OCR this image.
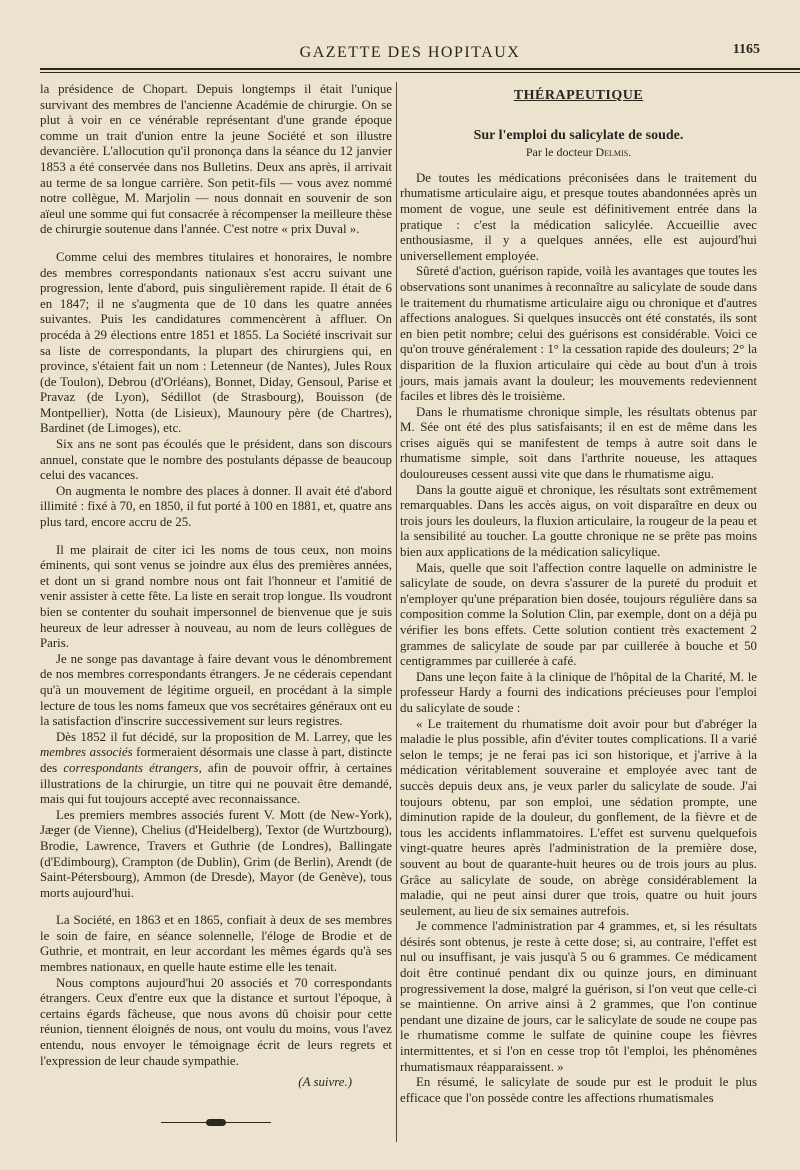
GAZETTE DES HOPITAUX	1165

la présidence de Chopart. Depuis longtemps il était l'unique survivant des membres de l'ancienne Académie de chirurgie. On se plut à voir en ce vénérable représentant d'une grande époque comme un trait d'union entre la jeune Société et son illustre devancière. L'allocution qu'il prononça dans la séance du 12 janvier 1853 a été conservée dans nos Bulletins. Deux ans après, il arrivait au terme de sa longue carrière. Son petit-fils — vous avez nommé notre collègue, M. Marjolin — nous donnait en souvenir de son aïeul une somme qui fut consacrée à récompenser la meilleure thèse de chirurgie soutenue dans l'année. C'est notre « prix Duval ».

Comme celui des membres titulaires et honoraires, le nombre des membres correspondants nationaux s'est accru suivant une progression, lente d'abord, puis singulièrement rapide. Il était de 6 en 1847; il ne s'augmenta que de 10 dans les quatre années suivantes. Puis les candidatures commencèrent à affluer. On procéda à 29 élections entre 1851 et 1855. La Société inscrivait sur sa liste de correspondants, la plupart des chirurgiens qui, en province, s'étaient fait un nom : Letenneur (de Nantes), Jules Roux (de Toulon), Debrou (d'Orléans), Bonnet, Diday, Gensoul, Parise et Pravaz (de Lyon), Sédillot (de Strasbourg), Bouisson (de Montpellier), Notta (de Lisieux), Maunoury père (de Chartres), Bardinet (de Limoges), etc.

Six ans ne sont pas écoulés que le président, dans son discours annuel, constate que le nombre des postulants dépasse de beaucoup celui des vacances.

On augmenta le nombre des places à donner. Il avait été d'abord illimité : fixé à 70, en 1850, il fut porté à 100 en 1881, et, quatre ans plus tard, encore accru de 25.

Il me plairait de citer ici les noms de tous ceux, non moins éminents, qui sont venus se joindre aux élus des premières années, et dont un si grand nombre nous ont fait l'honneur et l'amitié de venir assister à cette fête. La liste en serait trop longue. Ils voudront bien se contenter du souhait impersonnel de bienvenue que je suis heureux de leur adresser à nouveau, au nom de leurs collègues de Paris.

Je ne songe pas davantage à faire devant vous le dénombrement de nos membres correspondants étrangers. Je ne céderais cependant qu'à un mouvement de légitime orgueil, en procédant à la simple lecture de tous les noms fameux que vos secrétaires généraux ont eu la satisfaction d'inscrire successivement sur leurs registres.

Dès 1852 il fut décidé, sur la proposition de M. Larrey, que les membres associés formeraient désormais une classe à part, distincte des correspondants étrangers, afin de pouvoir offrir, à certaines illustrations de la chirurgie, un titre qui ne pouvait être demandé, mais qui fut toujours accepté avec reconnaissance.

Les premiers membres associés furent V. Mott (de New-York), Jæger (de Vienne), Chelius (d'Heidelberg), Textor (de Wurtzbourg), Brodie, Lawrence, Travers et Guthrie (de Londres), Ballingate (d'Edimbourg), Crampton (de Dublin), Grim (de Berlin), Arendt (de Saint-Pétersbourg), Ammon (de Dresde), Mayor (de Genève), tous morts aujourd'hui.

La Société, en 1863 et en 1865, confiait à deux de ses membres le soin de faire, en séance solennelle, l'éloge de Brodie et de Guthrie, et montrait, en leur accordant les mêmes égards qu'à ses membres nationaux, en quelle haute estime elle les tenait.

Nous comptons aujourd'hui 20 associés et 70 correspondants étrangers. Ceux d'entre eux que la distance et surtout l'époque, à certains égards fâcheuse, que nous avons dû choisir pour cette réunion, tiennent éloignés de nous, ont voulu du moins, vous l'avez entendu, nous envoyer le témoignage écrit de leurs regrets et l'expression de leur chaude sympathie.

(A suivre.)
THÉRAPEUTIQUE
Sur l'emploi du salicylate de soude.
Par le docteur Delmis.

De toutes les médications préconisées dans le traitement du rhumatisme articulaire aigu, et presque toutes abandonnées après un moment de vogue, une seule est définitivement entrée dans la pratique : c'est la médication salicylée. Accueillie avec enthousiasme, il y a quelques années, elle est aujourd'hui universellement employée.

Sûreté d'action, guérison rapide, voilà les avantages que toutes les observations sont unanimes à reconnaître au salicylate de soude dans le traitement du rhumatisme articulaire aigu ou chronique et d'autres affections analogues. Si quelques insuccès ont été constatés, ils sont en bien petit nombre; celui des guérisons est considérable. Voici ce qu'on trouve généralement : 1° la cessation rapide des douleurs; 2° la disparition de la fluxion articulaire qui cède au bout d'un à trois jours, mais jamais avant la douleur; les mouvements redeviennent faciles et libres dès le troisième.

Dans le rhumatisme chronique simple, les résultats obtenus par M. Sée ont été des plus satisfaisants; il en est de même dans les crises aiguës qui se manifestent de temps à autre soit dans le rhumatisme simple, soit dans l'arthrite noueuse, les attaques douloureuses cessent aussi vite que dans le rhumatisme aigu.

Dans la goutte aiguë et chronique, les résultats sont extrêmement remarquables. Dans les accès aigus, on voit disparaître en deux ou trois jours les douleurs, la fluxion articulaire, la rougeur de la peau et la sensibilité au toucher. La goutte chronique ne se prête pas moins bien aux applications de la médication salicylique.

Mais, quelle que soit l'affection contre laquelle on administre le salicylate de soude, on devra s'assurer de la pureté du produit et n'employer qu'une préparation bien dosée, toujours régulière dans sa composition comme la Solution Clin, par exemple, dont on a déjà pu vérifier les bons effets. Cette solution contient très exactement 2 grammes de salicylate de soude par par cuillerée à bouche et 50 centigrammes par cuillerée à café.

Dans une leçon faite à la clinique de l'hôpital de la Charité, M. le professeur Hardy a fourni des indications précieuses pour l'emploi du salicylate de soude :

« Le traitement du rhumatisme doit avoir pour but d'abréger la maladie le plus possible, afin d'éviter toutes complications. Il a varié selon le temps; je ne ferai pas ici son historique, et j'arrive à la médication véritablement souveraine et employée avec tant de succès depuis deux ans, je veux parler du salicylate de soude. J'ai toujours obtenu, par son emploi, une sédation prompte, une diminution rapide de la douleur, du gonflement, de la fièvre et de tous les accidents inflammatoires. L'effet est survenu quelquefois vingt-quatre heures après l'administration de la première dose, souvent au bout de quarante-huit heures ou de trois jours au plus. Grâce au salicylate de soude, on abrège considérablement la maladie, qui ne peut ainsi durer que trois, quatre ou huit jours seulement, au lieu de six semaines autrefois.

Je commence l'administration par 4 grammes, et, si les résultats désirés sont obtenus, je reste à cette dose; si, au contraire, l'effet est nul ou insuffisant, je vais jusqu'à 5 ou 6 grammes. Ce médicament doit être continué pendant dix ou quinze jours, en diminuant progressivement la dose, malgré la guérison, si l'on veut que celle-ci se maintienne. On arrive ainsi à 2 grammes, que l'on continue pendant une dizaine de jours, car le salicylate de soude ne coupe pas le rhumatisme comme le sulfate de quinine coupe les fièvres intermittentes, et si l'on en cesse trop tôt l'emploi, les phénomènes rhumatismaux réapparaissent. »

En résumé, le salicylate de soude pur est le produit le plus efficace que l'on possède contre les affections rhumatismales
